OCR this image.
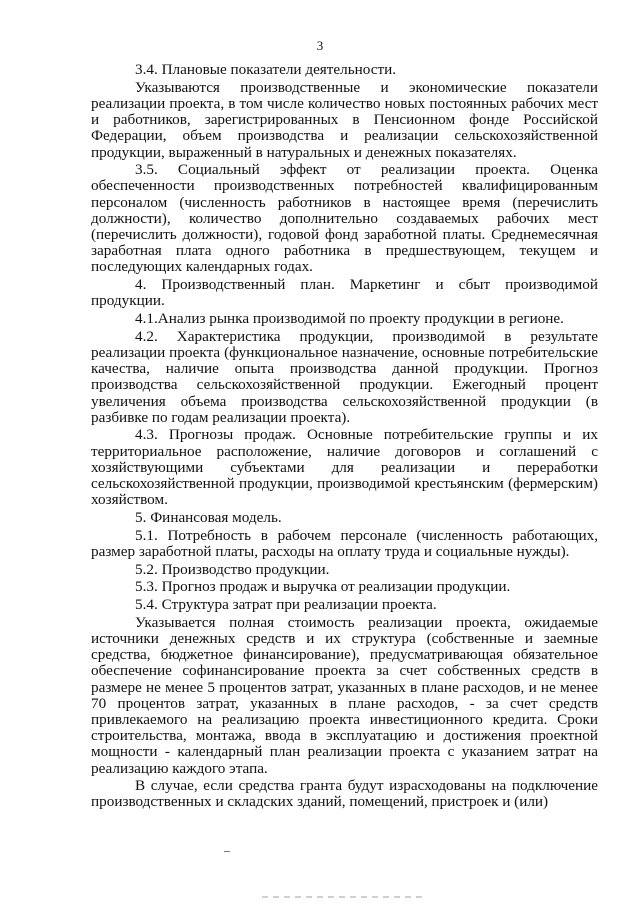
3

3.4. Плановые показатели деятельности.

Указываются производственные и экономические показатели реализации проекта, в том числе количество новых постоянных рабочих мест и работников, зарегистрированных в Пенсионном фонде Российской Федерации, объем производства и реализации сельскохозяйственной продукции, выраженный в натуральных и денежных показателях.

3.5. Социальный эффект от реализации проекта. Оценка обеспеченности производственных потребностей квалифицированным персоналом (численность работников в настоящее время (перечислить должности), количество дополнительно создаваемых рабочих мест (перечислить должности), годовой фонд заработной платы. Среднемесячная заработная плата одного работника в предшествующем, текущем и последующих календарных годах.

4. Производственный план. Маркетинг и сбыт производимой продукции.

4.1.Анализ рынка производимой по проекту продукции в регионе.

4.2. Характеристика продукции, производимой в результате реализации проекта (функциональное назначение, основные потребительские качества, наличие опыта производства данной продукции. Прогноз производства сельскохозяйственной продукции. Ежегодный процент увеличения объема производства сельскохозяйственной продукции (в разбивке по годам реализации проекта).

4.3. Прогнозы продаж. Основные потребительские группы и их территориальное расположение, наличие договоров и соглашений с хозяйствующими субъектами для реализации и переработки сельскохозяйственной продукции, производимой крестьянским (фермерским) хозяйством.

5. Финансовая модель.

5.1. Потребность в рабочем персонале (численность работающих, размер заработной платы, расходы на оплату труда и социальные нужды).

5.2. Производство продукции.

5.3. Прогноз продаж и выручка от реализации продукции.

5.4. Структура затрат при реализации проекта.

Указывается полная стоимость реализации проекта, ожидаемые источники денежных средств и их структура (собственные и заемные средства, бюджетное финансирование), предусматривающая обязательное обеспечение софинансирование проекта за счет собственных средств в размере не менее 5 процентов затрат, указанных в плане расходов, и не менее 70 процентов затрат, указанных в плане расходов, - за счет средств привлекаемого на реализацию проекта инвестиционного кредита. Сроки строительства, монтажа, ввода в эксплуатацию и достижения проектной мощности - календарный план реализации проекта с указанием затрат на реализацию каждого этапа.

В случае, если средства гранта будут израсходованы на подключение производственных и складских зданий, помещений, пристроек и (или)
